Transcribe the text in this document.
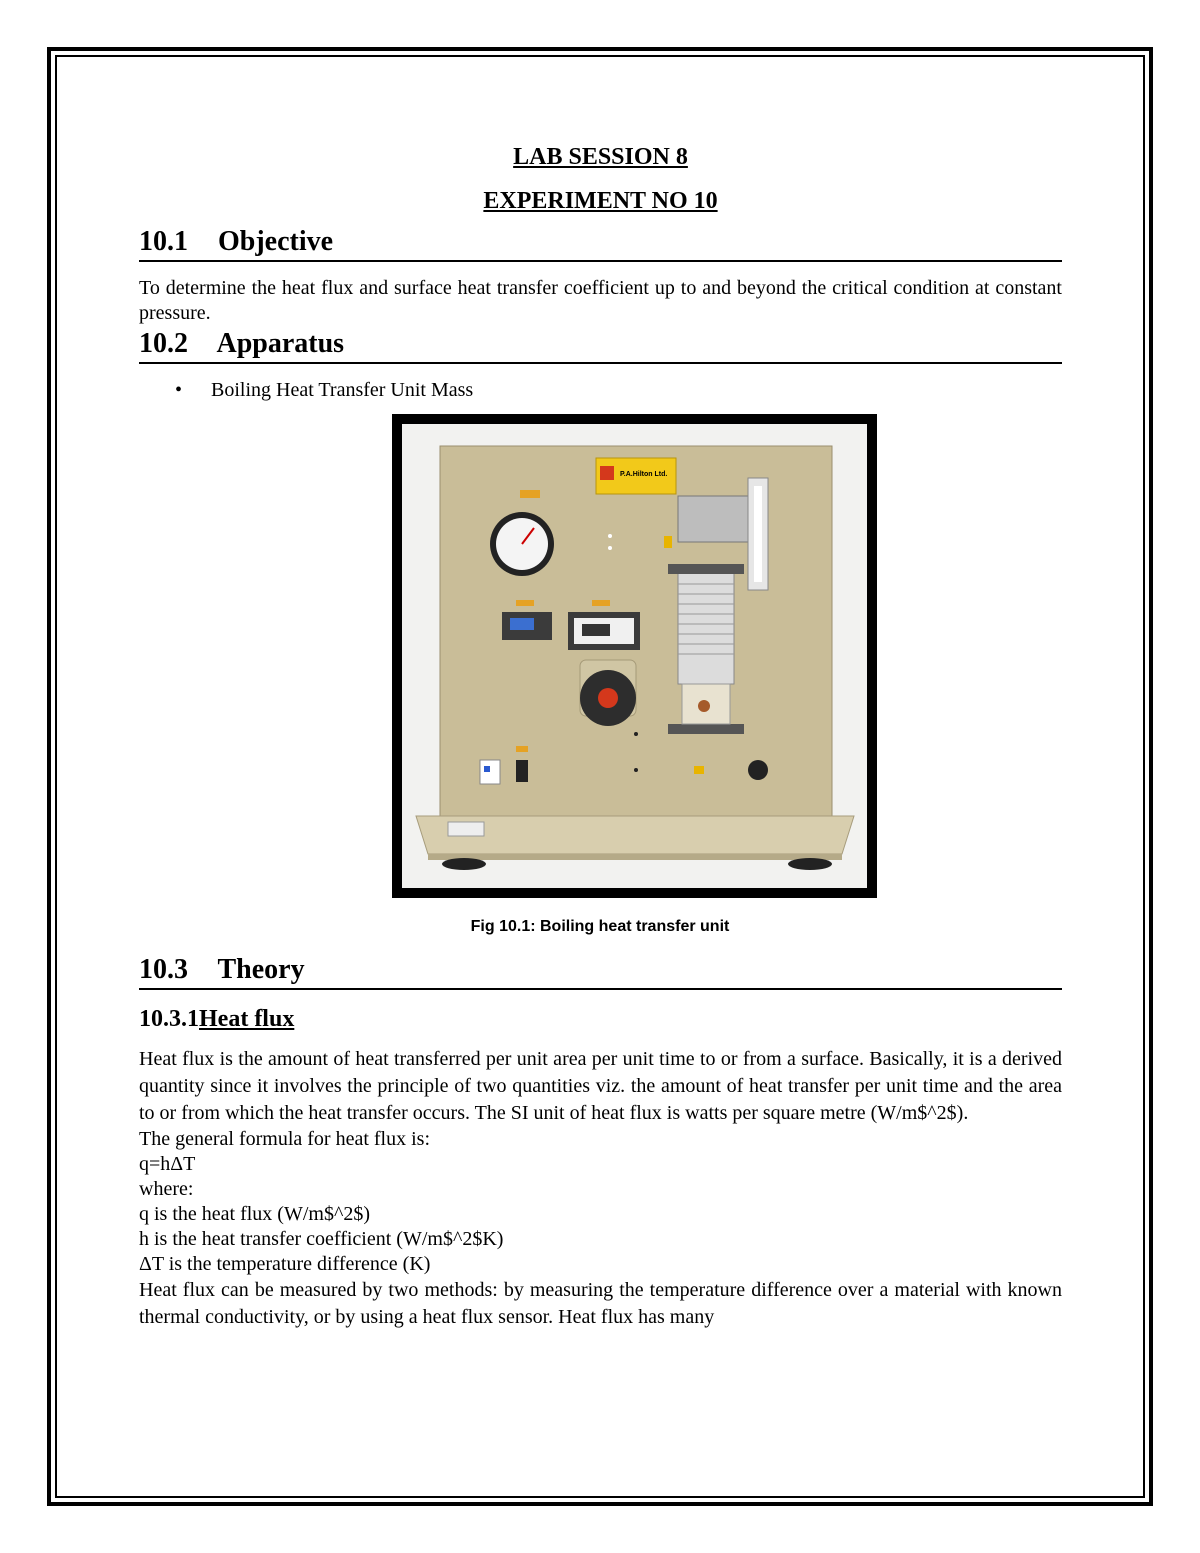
LAB SESSION 8

EXPERIMENT NO 10

10.1 Objective

To determine the heat flux and surface heat transfer coefficient up to and beyond the critical condition at constant pressure.

10.2 Apparatus

• Boiling Heat Transfer Unit Mass

P.A.Hilton Ltd.
Fig 10.1: Boiling heat transfer unit
10.3 Theory
10.3.1Heat flux

Heat flux is the amount of heat transferred per unit area per unit time to or from a surface. Basically, it is a derived quantity since it involves the principle of two quantities viz. the amount of heat transfer per unit time and the area to or from which the heat transfer occurs. The SI unit of heat flux is watts per square metre (W/m$^2$).

The general formula for heat flux is:

q=hΔT

where:

q is the heat flux (W/m$^2$)

h is the heat transfer coefficient (W/m$^2$K)

ΔT is the temperature difference (K)

Heat flux can be measured by two methods: by measuring the temperature difference over a material with known thermal conductivity, or by using a heat flux sensor. Heat flux has many
